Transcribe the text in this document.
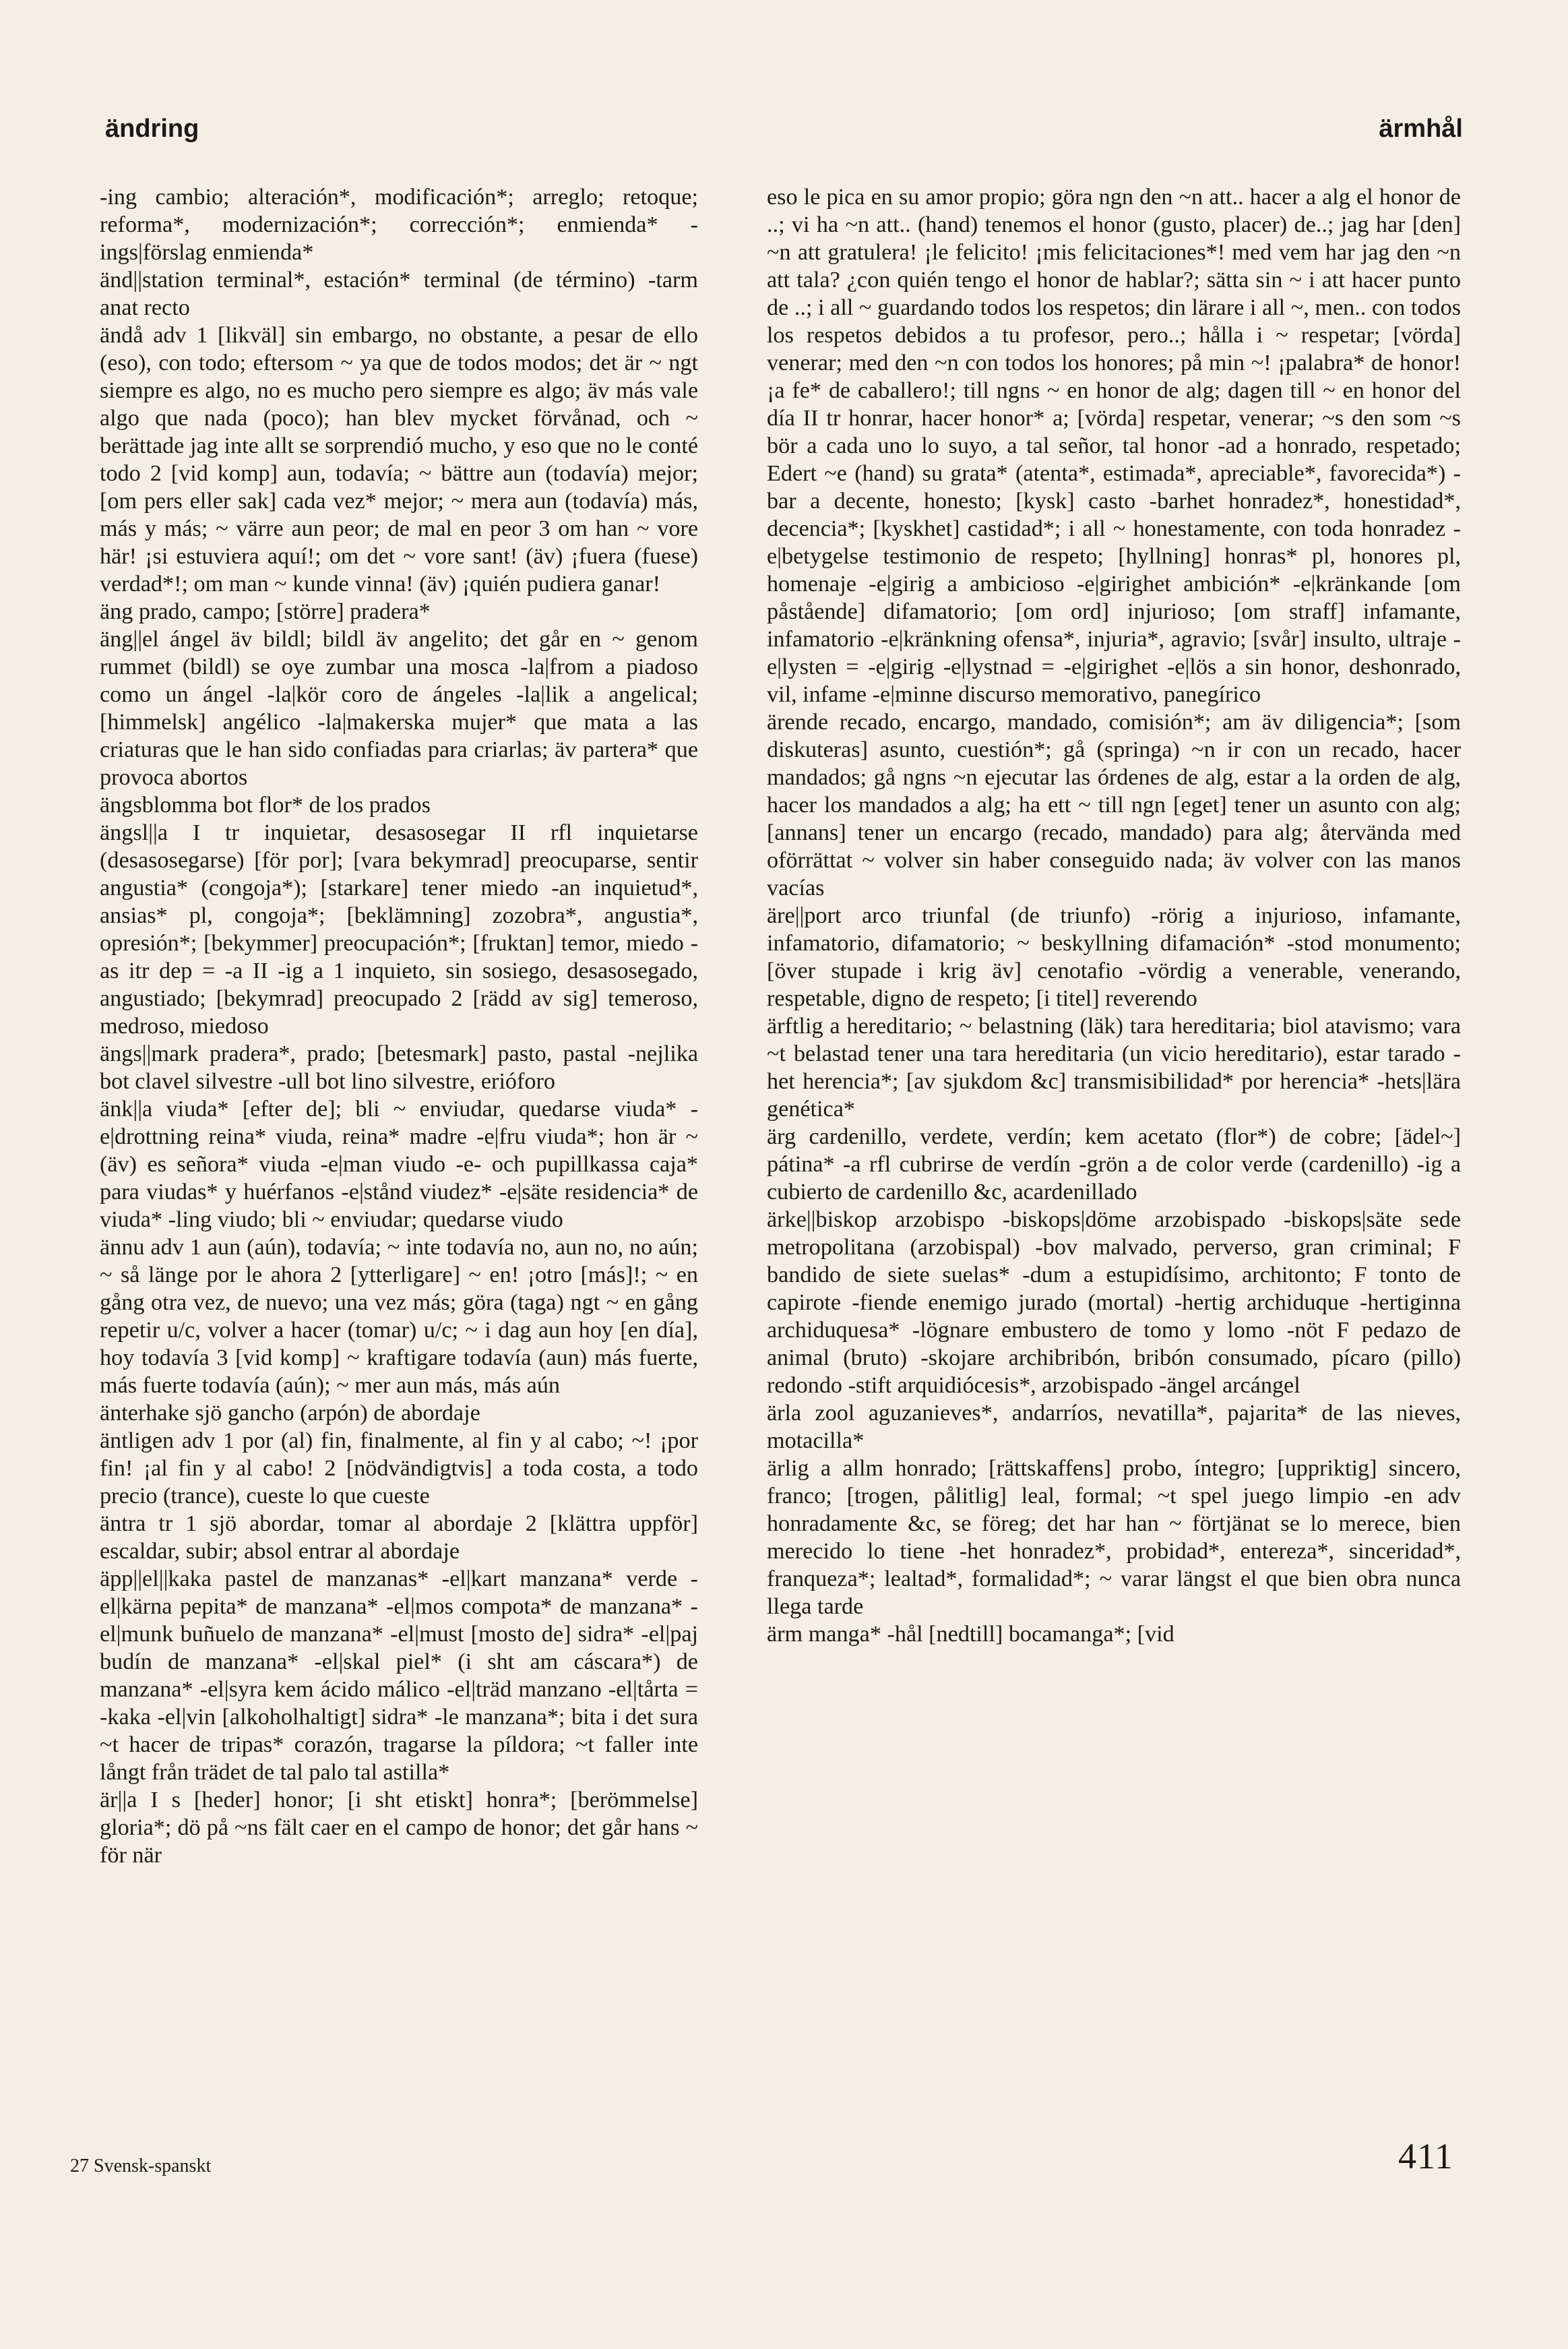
ändring	ärmhål

-ing cambio; alteración*, modificación*; arreglo; retoque; reforma*, modernización*; corrección*; enmienda* -ings|förslag enmienda*

änd||station terminal*, estación* terminal (de término) -tarm anat recto

ändå adv 1 [likväl] sin embargo, no obstante, a pesar de ello (eso), con todo; eftersom ~ ya que de todos modos; det är ~ ngt siempre es algo, no es mucho pero siempre es algo; äv más vale algo que nada (poco); han blev mycket förvånad, och ~ berättade jag inte allt se sorprendió mucho, y eso que no le conté todo 2 [vid komp] aun, todavía; ~ bättre aun (todavía) mejor; [om pers eller sak] cada vez* mejor; ~ mera aun (todavía) más, más y más; ~ värre aun peor; de mal en peor 3 om han ~ vore här! ¡si estuviera aquí!; om det ~ vore sant! (äv) ¡fuera (fuese) verdad*!; om man ~ kunde vinna! (äv) ¡quién pudiera ganar!

äng prado, campo; [större] pradera*

äng||el ángel äv bildl; bildl äv angelito; det går en ~ genom rummet (bildl) se oye zumbar una mosca -la|from a piadoso como un ángel -la|kör coro de ángeles -la|lik a angelical; [himmelsk] angélico -la|makerska mujer* que mata a las criaturas que le han sido confiadas para criarlas; äv partera* que provoca abortos

ängsblomma bot flor* de los prados

ängsl||a I tr inquietar, desasosegar II rfl inquietarse (desasosegarse) [för por]; [vara bekymrad] preocuparse, sentir angustia* (congoja*); [starkare] tener miedo -an inquietud*, ansias* pl, congoja*; [beklämning] zozobra*, angustia*, opresión*; [bekymmer] preocupación*; [fruktan] temor, miedo -as itr dep = -a II -ig a 1 inquieto, sin sosiego, desasosegado, angustiado; [bekymrad] preocupado 2 [rädd av sig] temeroso, medroso, miedoso

ängs||mark pradera*, prado; [betesmark] pasto, pastal -nejlika bot clavel silvestre -ull bot lino silvestre, erióforo

änk||a viuda* [efter de]; bli ~ enviudar, quedarse viuda* -e|drottning reina* viuda, reina* madre -e|fru viuda*; hon är ~ (äv) es señora* viuda -e|man viudo -e- och pupillkassa caja* para viudas* y huérfanos -e|stånd viudez* -e|säte residencia* de viuda* -ling viudo; bli ~ enviudar; quedarse viudo

ännu adv 1 aun (aún), todavía; ~ inte todavía no, aun no, no aún; ~ så länge por le ahora 2 [ytterligare] ~ en! ¡otro [más]!; ~ en gång otra vez, de nuevo; una vez más; göra (taga) ngt ~ en gång repetir u/c, volver a hacer (tomar) u/c; ~ i dag aun hoy [en día], hoy todavía 3 [vid komp] ~ kraftigare todavía (aun) más fuerte, más fuerte todavía (aún); ~ mer aun más, más aún

änterhake sjö gancho (arpón) de abordaje

äntligen adv 1 por (al) fin, finalmente, al fin y al cabo; ~! ¡por fin! ¡al fin y al cabo! 2 [nödvändigtvis] a toda costa, a todo precio (trance), cueste lo que cueste

äntra tr 1 sjö abordar, tomar al abordaje 2 [klättra uppför] escaldar, subir; absol entrar al abordaje

äpp||el||kaka pastel de manzanas* -el|kart manzana* verde -el|kärna pepita* de manzana* -el|mos compota* de manzana* -el|munk buñuelo de manzana* -el|must [mosto de] sidra* -el|paj budín de manzana* -el|skal piel* (i sht am cáscara*) de manzana* -el|syra kem ácido málico -el|träd manzano -el|tårta = -kaka -el|vin [alkoholhaltigt] sidra* -le manzana*; bita i det sura ~t hacer de tripas* corazón, tragarse la píldora; ~t faller inte långt från trädet de tal palo tal astilla*

är||a I s [heder] honor; [i sht etiskt] honra*; [berömmelse] gloria*; dö på ~ns fält caer en el campo de honor; det går hans ~ för när

eso le pica en su amor propio; göra ngn den ~n att.. hacer a alg el honor de ..; vi ha ~n att.. (hand) tenemos el honor (gusto, placer) de..; jag har [den] ~n att gratulera! ¡le felicito! ¡mis felicitaciones*! med vem har jag den ~n att tala? ¿con quién tengo el honor de hablar?; sätta sin ~ i att hacer punto de ..; i all ~ guardando todos los respetos; din lärare i all ~, men.. con todos los respetos debidos a tu profesor, pero..; hålla i ~ respetar; [vörda] venerar; med den ~n con todos los honores; på min ~! ¡palabra* de honor! ¡a fe* de caballero!; till ngns ~ en honor de alg; dagen till ~ en honor del día II tr honrar, hacer honor* a; [vörda] respetar, venerar; ~s den som ~s bör a cada uno lo suyo, a tal señor, tal honor -ad a honrado, respetado; Edert ~e (hand) su grata* (atenta*, estimada*, apreciable*, favorecida*) -bar a decente, honesto; [kysk] casto -barhet honradez*, honestidad*, decencia*; [kyskhet] castidad*; i all ~ honestamente, con toda honradez -e|betygelse testimonio de respeto; [hyllning] honras* pl, honores pl, homenaje -e|girig a ambicioso -e|girighet ambición* -e|kränkande [om påstående] difamatorio; [om ord] injurioso; [om straff] infamante, infamatorio -e|kränkning ofensa*, injuria*, agravio; [svår] insulto, ultraje -e|lysten = -e|girig -e|lystnad = -e|girighet -e|lös a sin honor, deshonrado, vil, infame -e|minne discurso memorativo, panegírico

ärende recado, encargo, mandado, comisión*; am äv diligencia*; [som diskuteras] asunto, cuestión*; gå (springa) ~n ir con un recado, hacer mandados; gå ngns ~n ejecutar las órdenes de alg, estar a la orden de alg, hacer los mandados a alg; ha ett ~ till ngn [eget] tener un asunto con alg; [annans] tener un encargo (recado, mandado) para alg; återvända med oförrättat ~ volver sin haber conseguido nada; äv volver con las manos vacías

äre||port arco triunfal (de triunfo) -rörig a injurioso, infamante, infamatorio, difamatorio; ~ beskyllning difamación* -stod monumento; [över stupade i krig äv] cenotafio -vördig a venerable, venerando, respetable, digno de respeto; [i titel] reverendo

ärftlig a hereditario; ~ belastning (läk) tara hereditaria; biol atavismo; vara ~t belastad tener una tara hereditaria (un vicio hereditario), estar tarado -het herencia*; [av sjukdom &c] transmisibilidad* por herencia* -hets|lära genética*

ärg cardenillo, verdete, verdín; kem acetato (flor*) de cobre; [ädel~] pátina* -a rfl cubrirse de verdín -grön a de color verde (cardenillo) -ig a cubierto de cardenillo &c, acardenillado

ärke||biskop arzobispo -biskops|döme arzobispado -biskops|säte sede metropolitana (arzobispal) -bov malvado, perverso, gran criminal; F bandido de siete suelas* -dum a estupidísimo, architonto; F tonto de capirote -fiende enemigo jurado (mortal) -hertig archiduque -hertiginna archiduquesa* -lögnare embustero de tomo y lomo -nöt F pedazo de animal (bruto) -skojare archibribón, bribón consumado, pícaro (pillo) redondo -stift arquidiócesis*, arzobispado -ängel arcángel

ärla zool aguzanieves*, andarríos, nevatilla*, pajarita* de las nieves, motacilla*

ärlig a allm honrado; [rättskaffens] probo, íntegro; [uppriktig] sincero, franco; [trogen, pålitlig] leal, formal; ~t spel juego limpio -en adv honradamente &c, se föreg; det har han ~ förtjänat se lo merece, bien merecido lo tiene -het honradez*, probidad*, entereza*, sinceridad*, franqueza*; lealtad*, formalidad*; ~ varar längst el que bien obra nunca llega tarde

ärm manga* -hål [nedtill] bocamanga*; [vid

27 Svensk-spanskt	411
